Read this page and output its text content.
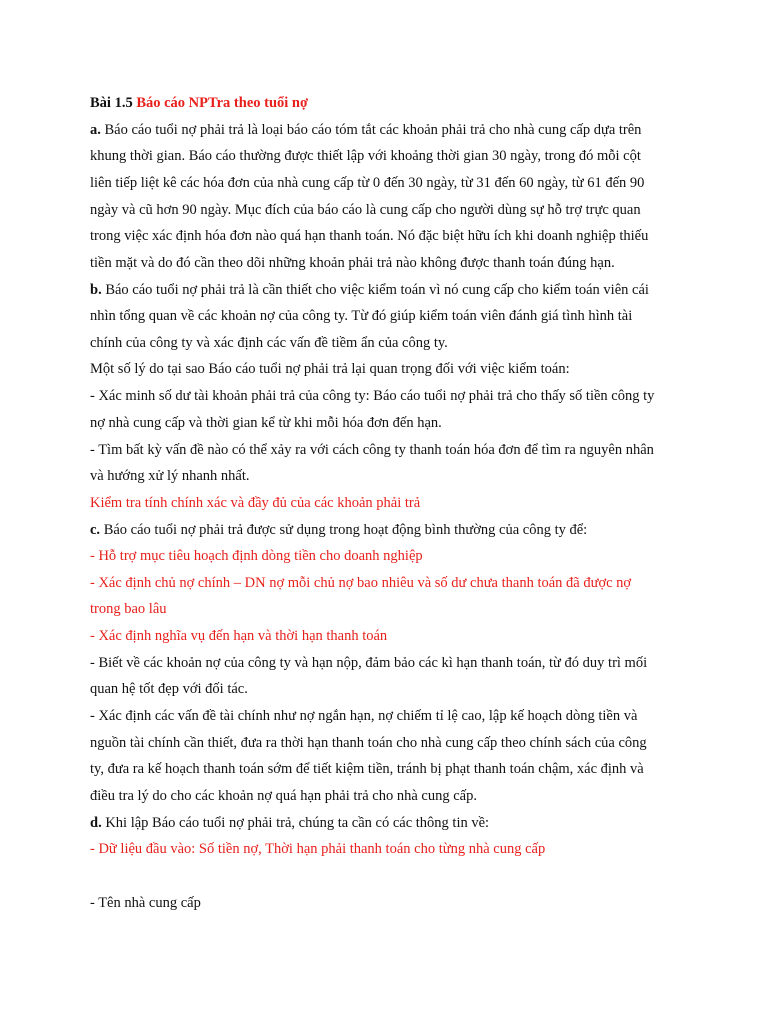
Bài 1.5 Báo cáo NPTra theo tuổi nợ
a. Báo cáo tuổi nợ phải trả là loại báo cáo tóm tắt các khoản phải trả cho nhà cung cấp dựa trên
khung thời gian. Báo cáo thường được thiết lập với khoảng thời gian 30 ngày, trong đó mỗi cột
liên tiếp liệt kê các hóa đơn của nhà cung cấp từ 0 đến 30 ngày, từ 31 đến 60 ngày, từ 61 đến 90
ngày và cũ hơn 90 ngày. Mục đích của báo cáo là cung cấp cho người dùng sự hỗ trợ trực quan
trong việc xác định hóa đơn nào quá hạn thanh toán. Nó đặc biệt hữu ích khi doanh nghiệp thiếu
tiền mặt và do đó cần theo dõi những khoản phải trả nào không được thanh toán đúng hạn.
b. Báo cáo tuổi nợ phải trả là cần thiết cho việc kiểm toán vì nó cung cấp cho kiểm toán viên cái
nhìn tổng quan về các khoản nợ của công ty. Từ đó giúp kiểm toán viên đánh giá tình hình tài
chính của công ty và xác định các vấn đề tiềm ẩn của công ty.
Một số lý do tại sao Báo cáo tuổi nợ phải trả lại quan trọng đối với việc kiểm toán:
- Xác minh số dư tài khoản phải trả của công ty: Báo cáo tuổi nợ phải trả cho thấy số tiền công ty
nợ nhà cung cấp và thời gian kể từ khi mỗi hóa đơn đến hạn.
- Tìm bất kỳ vấn đề nào có thể xảy ra với cách công ty thanh toán hóa đơn để tìm ra nguyên nhân
và hướng xử lý nhanh nhất.
Kiểm tra tính chính xác và đầy đủ của các khoản phải trả
c. Báo cáo tuổi nợ phải trả được sử dụng trong hoạt động bình thường của công ty để:
- Hỗ trợ mục tiêu hoạch định dòng tiền cho doanh nghiệp
- Xác định chủ nợ chính – DN nợ mỗi chủ nợ bao nhiêu và số dư chưa thanh toán đã được nợ
trong bao lâu
- Xác định nghĩa vụ đến hạn và thời hạn thanh toán
- Biết về các khoản nợ của công ty và hạn nộp, đảm bảo các kì hạn thanh toán, từ đó duy trì mối
quan hệ tốt đẹp với đối tác.
- Xác định các vấn đề tài chính như nợ ngắn hạn, nợ chiếm tỉ lệ cao, lập kế hoạch dòng tiền và
nguồn tài chính cần thiết, đưa ra thời hạn thanh toán cho nhà cung cấp theo chính sách của công
ty, đưa ra kế hoạch thanh toán sớm để tiết kiệm tiền, tránh bị phạt thanh toán chậm, xác định và
điều tra lý do cho các khoản nợ quá hạn phải trả cho nhà cung cấp.
d. Khi lập Báo cáo tuổi nợ phải trả, chúng ta cần có các thông tin về:
- Dữ liệu đầu vào: Số tiền nợ, Thời hạn phải thanh toán cho từng nhà cung cấp
- Tên nhà cung cấp
